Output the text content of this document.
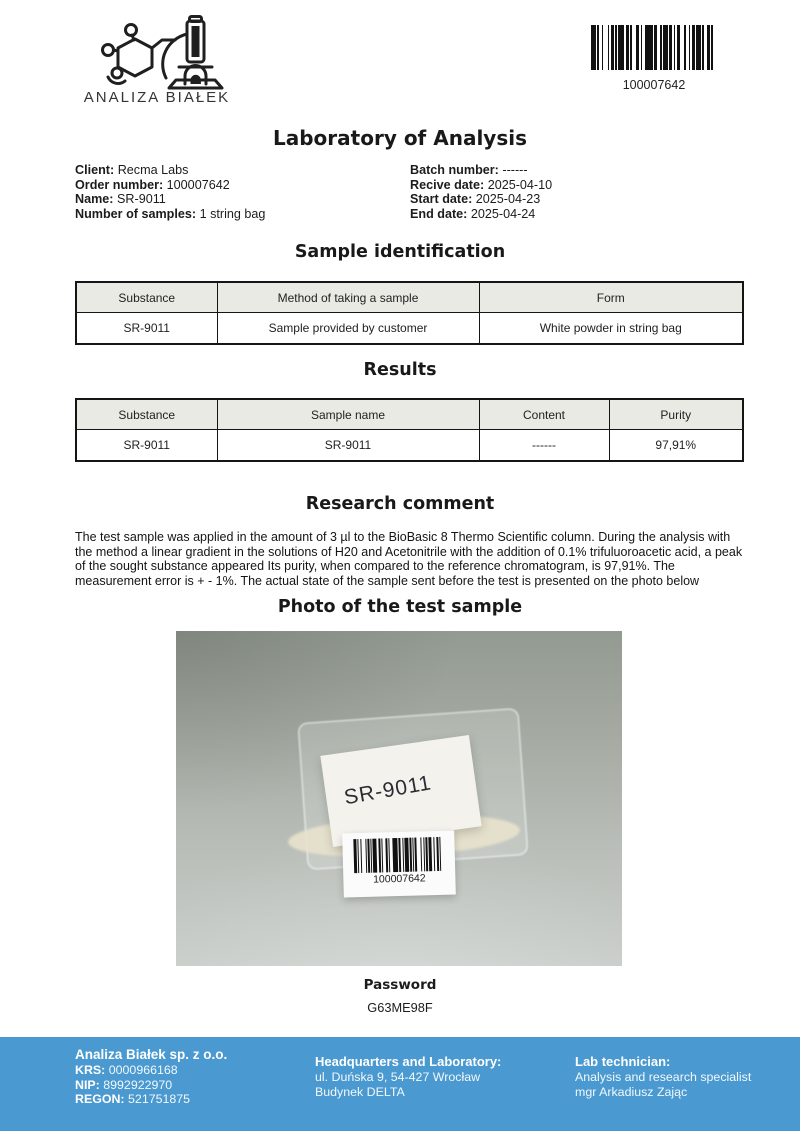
ANALIZA BIAŁEK
100007642
Laboratory of Analysis
Client: Recma Labs
Order number: 100007642
Name: SR-9011
Number of samples: 1 string bag
Batch number: ------
Recive date: 2025-04-10
Start date: 2025-04-23
End date: 2025-04-24
Sample identification
Substance	Method of taking a sample	Form
SR-9011	Sample provided by customer	White powder in string bag
Results
Substance	Sample name	Content	Purity
SR-9011	SR-9011	------	97,91%
Research comment
The test sample was applied in the amount of 3 µl to the BioBasic 8 Thermo Scientific column. During the analysis with the method a linear gradient in the solutions of H20 and Acetonitrile with the addition of 0.1% trifuluoroacetic acid, a peak of the sought substance appeared Its purity, when compared to the reference chromatogram, is 97,91%. The measurement error is + - 1%. The actual state of the sample sent before the test is presented on the photo below
Photo of the test sample
SR-9011
100007642
Password
G63ME98F
Analiza Białek sp. z o.o.
KRS: 0000966168
NIP: 8992922970
REGON: 521751875
Headquarters and Laboratory:
ul. Duńska 9, 54-427 Wrocław
Budynek DELTA
Lab technician:
Analysis and research specialist
mgr Arkadiusz Zając
